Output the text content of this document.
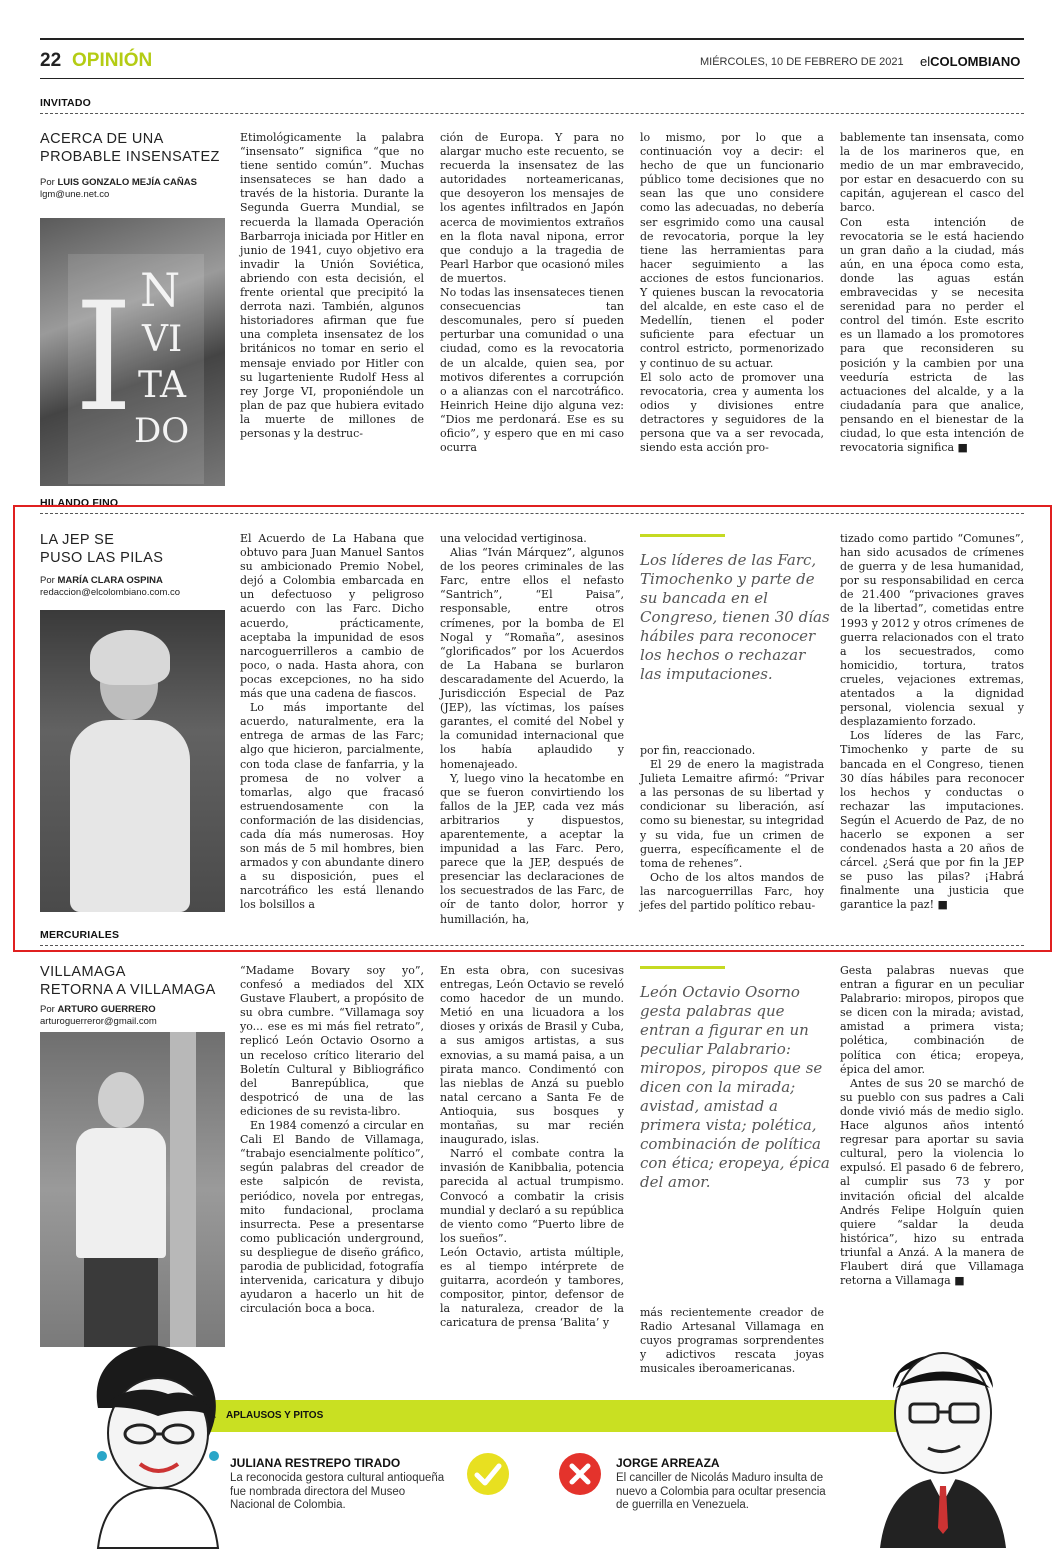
22 OPINIÓN	MIÉRCOLES, 10 DE FEBRERO DE 2021 elCOLOMBIANO
INVITADO
ACERCA DE UNA
PROBABLE INSENSATEZ
Por LUIS GONZALO MEJÍA CAÑAS
lgm@une.net.co
I N
VI
TA
DO

Etimológicamente la palabra “insensato” significa “que no tiene sentido común”. Muchas insensateces se han dado a través de la historia. Durante la Segunda Guerra Mundial, se recuerda la llamada Operación Barbarroja iniciada por Hitler en junio de 1941, cuyo objetivo era invadir la Unión Soviética, abriendo con esta decisión, el frente oriental que precipitó la derrota nazi. También, algunos historiadores afirman que fue una completa insensatez de los británicos no tomar en serio el mensaje enviado por Hitler con su lugarteniente Rudolf Hess al rey Jorge VI, proponiéndole un plan de paz que hubiera evitado la muerte de millones de personas y la destruc-

ción de Europa. Y para no alargar mucho este recuento, se recuerda la insensatez de las autoridades norteamericanas, que desoyeron los mensajes de los agentes infiltrados en Japón acerca de movimientos extraños en la flota naval nipona, error que condujo a la tragedia de Pearl Harbor que ocasionó miles de muertos.

No todas las insensateces tienen consecuencias tan descomunales, pero sí pueden perturbar una comunidad o una ciudad, como es la revocatoria de un alcalde, quien sea, por motivos diferentes a corrupción o a alianzas con el narcotráfico. Heinrich Heine dijo alguna vez: “Dios me perdonará. Ese es su oficio”, y espero que en mi caso ocurra

lo mismo, por lo que a continuación voy a decir: el hecho de que un funcionario público tome decisiones que no sean las que uno considere como las adecuadas, no debería ser esgrimido como una causal de revocatoria, porque la ley tiene las herramientas para hacer seguimiento a las acciones de estos funcionarios. Y quienes buscan la revocatoria del alcalde, en este caso el de Medellín, tienen el poder suficiente para efectuar un control estricto, pormenorizado y continuo de su actuar.

El solo acto de promover una revocatoria, crea y aumenta los odios y divisiones entre detractores y seguidores de la persona que va a ser revocada, siendo esta acción pro-

bablemente tan insensata, como la de los marineros que, en medio de un mar embravecido, por estar en desacuerdo con su capitán, agujerean el casco del barco.

Con esta intención de revocatoria se le está haciendo un gran daño a la ciudad, más aún, en una época como esta, donde las aguas están embravecidas y se necesita serenidad para no perder el control del timón. Este escrito es un llamado a los promotores para que reconsideren su posición y la cambien por una veeduría estricta de las actuaciones del alcalde, y a la ciudadanía para que analice, pensando en el bienestar de la ciudad, lo que esta intención de revocatoria significa ■

HILANDO FINO
LA JEP SE
PUSO LAS PILAS
Por MARÍA CLARA OSPINA
redaccion@elcolombiano.com.co

El Acuerdo de La Habana que obtuvo para Juan Manuel Santos su ambicionado Premio Nobel, dejó a Colombia embarcada en un defectuoso y peligroso acuerdo con las Farc. Dicho acuerdo, prácticamente, aceptaba la impunidad de esos narcoguerrilleros a cambio de poco, o nada. Hasta ahora, con pocas excepciones, no ha sido más que una cadena de fiascos.

Lo más importante del acuerdo, naturalmente, era la entrega de armas de las Farc; algo que hicieron, parcialmente, con toda clase de fanfarria, y la promesa de no volver a tomarlas, algo que fracasó estruendosamente con la conformación de las disidencias, cada día más numerosas. Hoy son más de 5 mil hombres, bien armados y con abundante dinero a su disposición, pues el narcotráfico les está llenando los bolsillos a

una velocidad vertiginosa.

Alias “Iván Márquez”, algunos de los peores criminales de las Farc, entre ellos el nefasto “Santrich”, “El Paisa”, responsable, entre otros crímenes, por la bomba de El Nogal y “Romaña”, asesinos “glorificados” por los Acuerdos de La Habana se burlaron descaradamente del Acuerdo, la Jurisdicción Especial de Paz (JEP), las víctimas, los países garantes, el comité del Nobel y la comunidad internacional que los había aplaudido y homenajeado.

Y, luego vino la hecatombe en que se fueron convirtiendo los fallos de la JEP, cada vez más arbitrarios y dispuestos, aparentemente, a aceptar la impunidad a las Farc. Pero, parece que la JEP, después de presenciar las declaraciones de los secuestrados de las Farc, de oír de tanto dolor, horror y humillación, ha,

Los líderes de las Farc, Timochenko y parte de su bancada en el Congreso, tienen 30 días hábiles para reconocer los hechos o rechazar las imputaciones.

por fin, reaccionado.

El 29 de enero la magistrada Julieta Lemaitre afirmó: “Privar a las personas de su libertad y condicionar su liberación, así como su bienestar, su integridad y su vida, fue un crimen de guerra, específicamente el de toma de rehenes”.

Ocho de los altos mandos de las narcoguerrillas Farc, hoy jefes del partido político rebau-

tizado como partido “Comunes”, han sido acusados de crímenes de guerra y de lesa humanidad, por su responsabilidad en cerca de 21.400 “privaciones graves de la libertad”, cometidas entre 1993 y 2012 y otros crímenes de guerra relacionados con el trato a los secuestrados, como homicidio, tortura, tratos crueles, vejaciones extremas, atentados a la dignidad personal, violencia sexual y desplazamiento forzado.

Los líderes de las Farc, Timochenko y parte de su bancada en el Congreso, tienen 30 días hábiles para reconocer los hechos y conductas o rechazar las imputaciones. Según el Acuerdo de Paz, de no hacerlo se exponen a ser condenados hasta a 20 años de cárcel. ¿Será que por fin la JEP se puso las pilas? ¡Habrá finalmente una justicia que garantice la paz! ■

MERCURIALES
VILLAMAGA
RETORNA A VILLAMAGA
Por ARTURO GUERRERO
arturoguerreror@gmail.com

“Madame Bovary soy yo”, confesó a mediados del XIX Gustave Flaubert, a propósito de su obra cumbre. “Villamaga soy yo... ese es mi más fiel retrato”, replicó León Octavio Osorno a un receloso crítico literario del Boletín Cultural y Bibliográfico del Banrepública, que despotricó de una de las ediciones de su revista-libro.

En 1984 comenzó a circular en Cali El Bando de Villamaga, “trabajo esencialmente político”, según palabras del creador de este salpicón de revista, periódico, novela por entregas, mito fundacional, proclama insurrecta. Pese a presentarse como publicación underground, su despliegue de diseño gráfico, parodia de publicidad, fotografía intervenida, caricatura y dibujo ayudaron a hacerlo un hit de circulación boca a boca.

En esta obra, con sucesivas entregas, León Octavio se reveló como hacedor de un mundo. Metió en una licuadora a los dioses y orixás de Brasil y Cuba, a sus amigos artistas, a sus exnovias, a su mamá paisa, a un pirata manco. Condimentó con las nieblas de Anzá su pueblo natal cercano a Santa Fe de Antioquia, sus bosques y montañas, su mar recién inaugurado, islas.

Narró el combate contra la invasión de Kanibbalia, potencia parecida al actual trumpismo. Convocó a combatir la crisis mundial y declaró a su república de viento como “Puerto libre de los sueños”.

León Octavio, artista múltiple, es al tiempo intérprete de guitarra, acordeón y tambores, compositor, pintor, defensor de la naturaleza, creador de la caricatura de prensa ‘Balita’ y

León Octavio Osorno gesta palabras que entran a figurar en un peculiar Palabrario: miropos, piropos que se dicen con la mirada; avistad, amistad a primera vista; polética, combinación de política con ética; eropeya, épica del amor.

más recientemente creador de Radio Artesanal Villamaga en cuyos programas sorprendentes y adictivos rescata joyas musicales iberoamericanas.

Gesta palabras nuevas que entran a figurar en un peculiar Palabrario: miropos, piropos que se dicen con la mirada; avistad, amistad a primera vista; polética, combinación de política con ética; eropeya, épica del amor.

Antes de sus 20 se marchó de su pueblo con sus padres a Cali donde vivió más de medio siglo. Hace algunos años intentó regresar para aportar su savia cultural, pero la violencia lo expulsó. El pasado 6 de febrero, al cumplir sus 73 y por invitación oficial del alcalde Andrés Felipe Holguín quien quiere “saldar la deuda histórica”, hizo su entrada triunfal a Anzá. A la manera de Flaubert dirá que Villamaga retorna a Villamaga ■

APLAUSOS Y PITOS
JULIANA RESTREPO TIRADO
La reconocida gestora cultural antioqueña fue nombrada directora del Museo Nacional de Colombia.
JORGE ARREAZA
El canciller de Nicolás Maduro insulta de nuevo a Colombia para ocultar presencia de guerrilla en Venezuela.
